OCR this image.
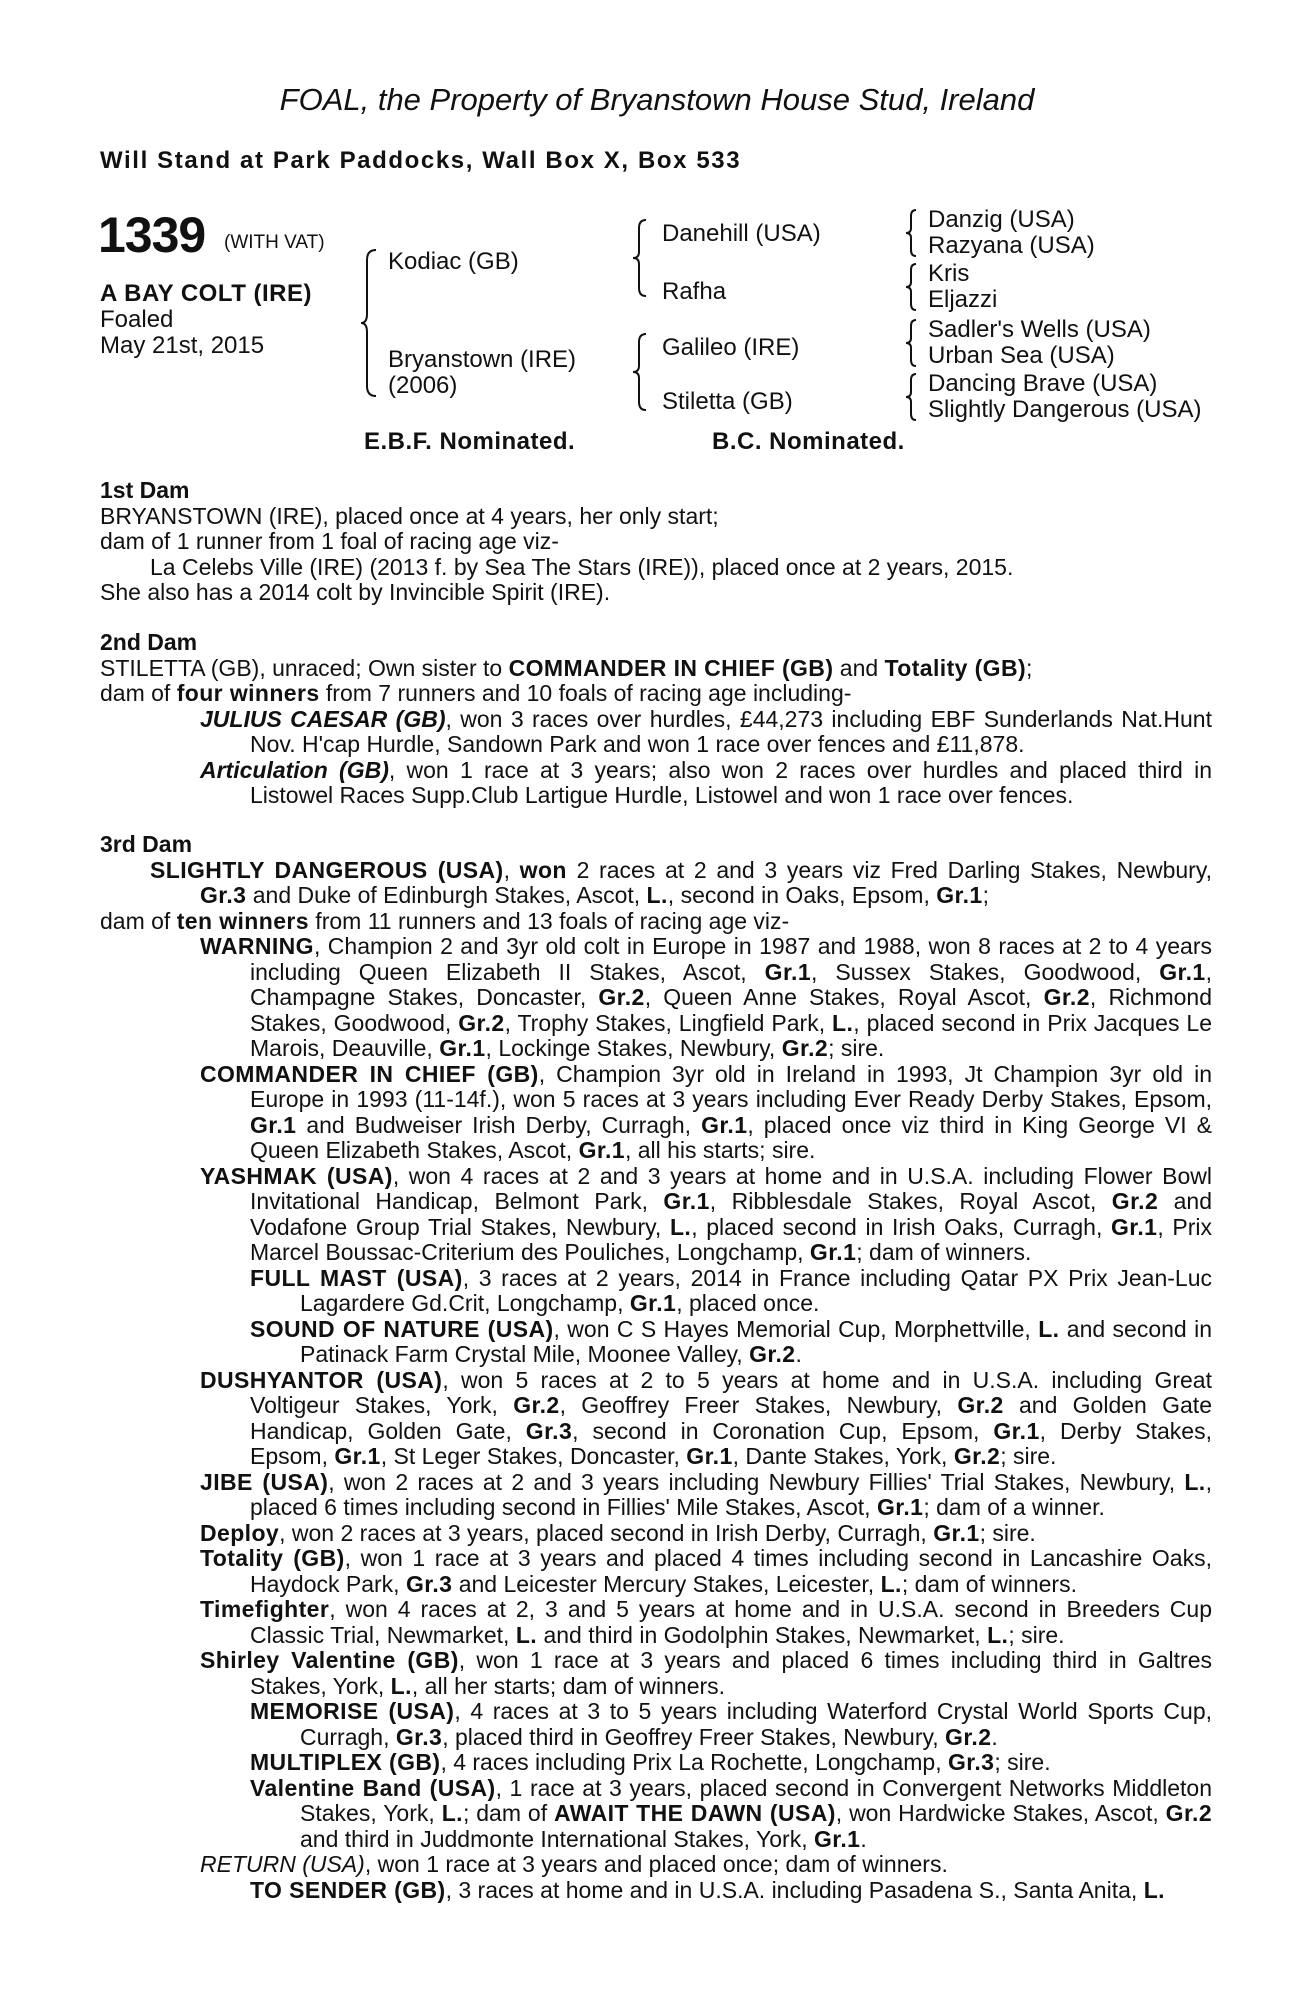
FOAL, the Property of Bryanstown House Stud, Ireland
Will Stand at Park Paddocks, Wall Box X, Box 533
1339 (WITH VAT)
A BAY COLT (IRE)
Foaled
May 21st, 2015
Kodiac (GB)
Bryanstown (IRE)
(2006)
Danehill (USA)
Rafha
Galileo (IRE)
Stiletta (GB)
Danzig (USA)
Razyana (USA)
Kris
Eljazzi
Sadler's Wells (USA)
Urban Sea (USA)
Dancing Brave (USA)
Slightly Dangerous (USA)
E.B.F. Nominated.	B.C. Nominated.

1st Dam

BRYANSTOWN (IRE), placed once at 4 years, her only start;

dam of 1 runner from 1 foal of racing age viz-

La Celebs Ville (IRE) (2013 f. by Sea The Stars (IRE)), placed once at 2 years, 2015.

She also has a 2014 colt by Invincible Spirit (IRE).

2nd Dam

STILETTA (GB), unraced; Own sister to COMMANDER IN CHIEF (GB) and Totality (GB);

dam of four winners from 7 runners and 10 foals of racing age including-

JULIUS CAESAR (GB), won 3 races over hurdles, £44,273 including EBF Sunderlands Nat.Hunt Nov. H'cap Hurdle, Sandown Park and won 1 race over fences and £11,878.

Articulation (GB), won 1 race at 3 years; also won 2 races over hurdles and placed third in Listowel Races Supp.Club Lartigue Hurdle, Listowel and won 1 race over fences.

3rd Dam

SLIGHTLY DANGEROUS (USA), won 2 races at 2 and 3 years viz Fred Darling Stakes, Newbury, Gr.3 and Duke of Edinburgh Stakes, Ascot, L., second in Oaks, Epsom, Gr.1;

dam of ten winners from 11 runners and 13 foals of racing age viz-

WARNING, Champion 2 and 3yr old colt in Europe in 1987 and 1988, won 8 races at 2 to 4 years including Queen Elizabeth II Stakes, Ascot, Gr.1, Sussex Stakes, Goodwood, Gr.1, Champagne Stakes, Doncaster, Gr.2, Queen Anne Stakes, Royal Ascot, Gr.2, Richmond Stakes, Goodwood, Gr.2, Trophy Stakes, Lingfield Park, L., placed second in Prix Jacques Le Marois, Deauville, Gr.1, Lockinge Stakes, Newbury, Gr.2; sire.

COMMANDER IN CHIEF (GB), Champion 3yr old in Ireland in 1993, Jt Champion 3yr old in Europe in 1993 (11-14f.), won 5 races at 3 years including Ever Ready Derby Stakes, Epsom, Gr.1 and Budweiser Irish Derby, Curragh, Gr.1, placed once viz third in King George VI & Queen Elizabeth Stakes, Ascot, Gr.1, all his starts; sire.

YASHMAK (USA), won 4 races at 2 and 3 years at home and in U.S.A. including Flower Bowl Invitational Handicap, Belmont Park, Gr.1, Ribblesdale Stakes, Royal Ascot, Gr.2 and Vodafone Group Trial Stakes, Newbury, L., placed second in Irish Oaks, Curragh, Gr.1, Prix Marcel Boussac-Criterium des Pouliches, Longchamp, Gr.1; dam of winners.

FULL MAST (USA), 3 races at 2 years, 2014 in France including Qatar PX Prix Jean-Luc Lagardere Gd.Crit, Longchamp, Gr.1, placed once.

SOUND OF NATURE (USA), won C S Hayes Memorial Cup, Morphettville, L. and second in Patinack Farm Crystal Mile, Moonee Valley, Gr.2.

DUSHYANTOR (USA), won 5 races at 2 to 5 years at home and in U.S.A. including Great Voltigeur Stakes, York, Gr.2, Geoffrey Freer Stakes, Newbury, Gr.2 and Golden Gate Handicap, Golden Gate, Gr.3, second in Coronation Cup, Epsom, Gr.1, Derby Stakes, Epsom, Gr.1, St Leger Stakes, Doncaster, Gr.1, Dante Stakes, York, Gr.2; sire.

JIBE (USA), won 2 races at 2 and 3 years including Newbury Fillies' Trial Stakes, Newbury, L., placed 6 times including second in Fillies' Mile Stakes, Ascot, Gr.1; dam of a winner.

Deploy, won 2 races at 3 years, placed second in Irish Derby, Curragh, Gr.1; sire.

Totality (GB), won 1 race at 3 years and placed 4 times including second in Lancashire Oaks, Haydock Park, Gr.3 and Leicester Mercury Stakes, Leicester, L.; dam of winners.

Timefighter, won 4 races at 2, 3 and 5 years at home and in U.S.A. second in Breeders Cup Classic Trial, Newmarket, L. and third in Godolphin Stakes, Newmarket, L.; sire.

Shirley Valentine (GB), won 1 race at 3 years and placed 6 times including third in Galtres Stakes, York, L., all her starts; dam of winners.

MEMORISE (USA), 4 races at 3 to 5 years including Waterford Crystal World Sports Cup, Curragh, Gr.3, placed third in Geoffrey Freer Stakes, Newbury, Gr.2.

MULTIPLEX (GB), 4 races including Prix La Rochette, Longchamp, Gr.3; sire.

Valentine Band (USA), 1 race at 3 years, placed second in Convergent Networks Middleton Stakes, York, L.; dam of AWAIT THE DAWN (USA), won Hardwicke Stakes, Ascot, Gr.2 and third in Juddmonte International Stakes, York, Gr.1.

RETURN (USA), won 1 race at 3 years and placed once; dam of winners.

TO SENDER (GB), 3 races at home and in U.S.A. including Pasadena S., Santa Anita, L.
